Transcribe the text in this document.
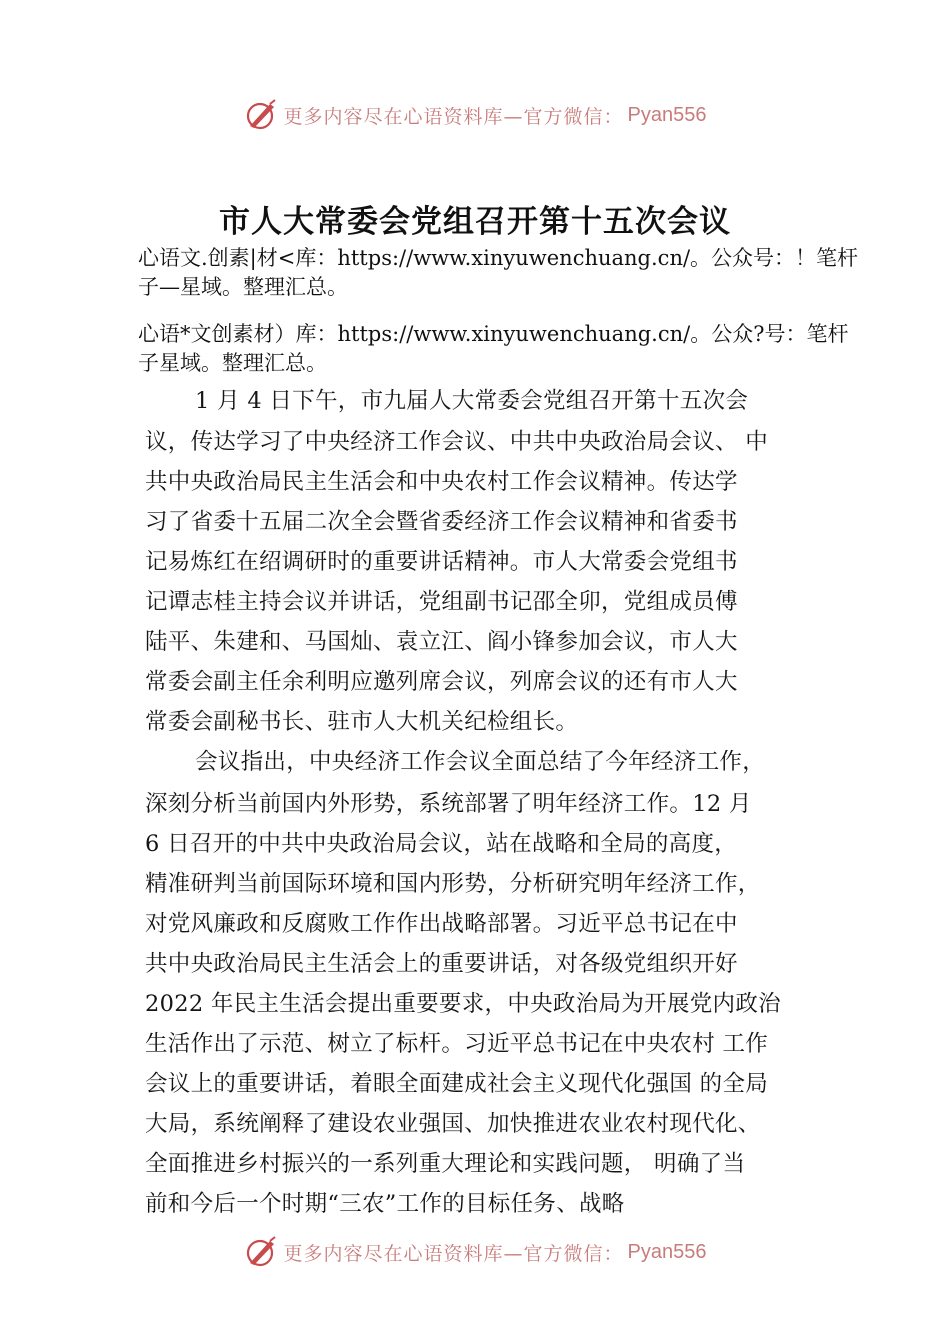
更多内容尽在心语资料库—官方微信： Pyan556
市人大常委会党组召开第十五次会议
心语文.创素|材<库：https://www.xinyuwenchuang.cn/。公众号：！笔杆子—星域。整理汇总。
心语*文创素材）库：https://www.xinyuwenchuang.cn/。公众?号：笔杆子星域。整理汇总。
1 月 4 日下午，市九届人大常委会党组召开第十五次会
议，传达学习了中央经济工作会议、中共中央政治局会议、 中
共中央政治局民主生活会和中央农村工作会议精神。传达学
习了省委十五届二次全会暨省委经济工作会议精神和省委书
记易炼红在绍调研时的重要讲话精神。市人大常委会党组书
记谭志桂主持会议并讲话，党组副书记邵全卯，党组成员傅
陆平、朱建和、马国灿、袁立江、阎小锋参加会议，市人大
常委会副主任余利明应邀列席会议，列席会议的还有市人大
常委会副秘书长、驻市人大机关纪检组长。
会议指出，中央经济工作会议全面总结了今年经济工作，
深刻分析当前国内外形势，系统部署了明年经济工作。12 月
6 日召开的中共中央政治局会议，站在战略和全局的高度，
精准研判当前国际环境和国内形势，分析研究明年经济工作，
对党风廉政和反腐败工作作出战略部署。习近平总书记在中
共中央政治局民主生活会上的重要讲话，对各级党组织开好
2022 年民主生活会提出重要要求，中央政治局为开展党内政治
生活作出了示范、树立了标杆。习近平总书记在中央农村 工作
会议上的重要讲话，着眼全面建成社会主义现代化强国 的全局
大局，系统阐释了建设农业强国、加快推进农业农村现代化、
全面推进乡村振兴的一系列重大理论和实践问题， 明确了当
前和今后一个时期“三农”工作的目标任务、战略
更多内容尽在心语资料库—官方微信： Pyan556
